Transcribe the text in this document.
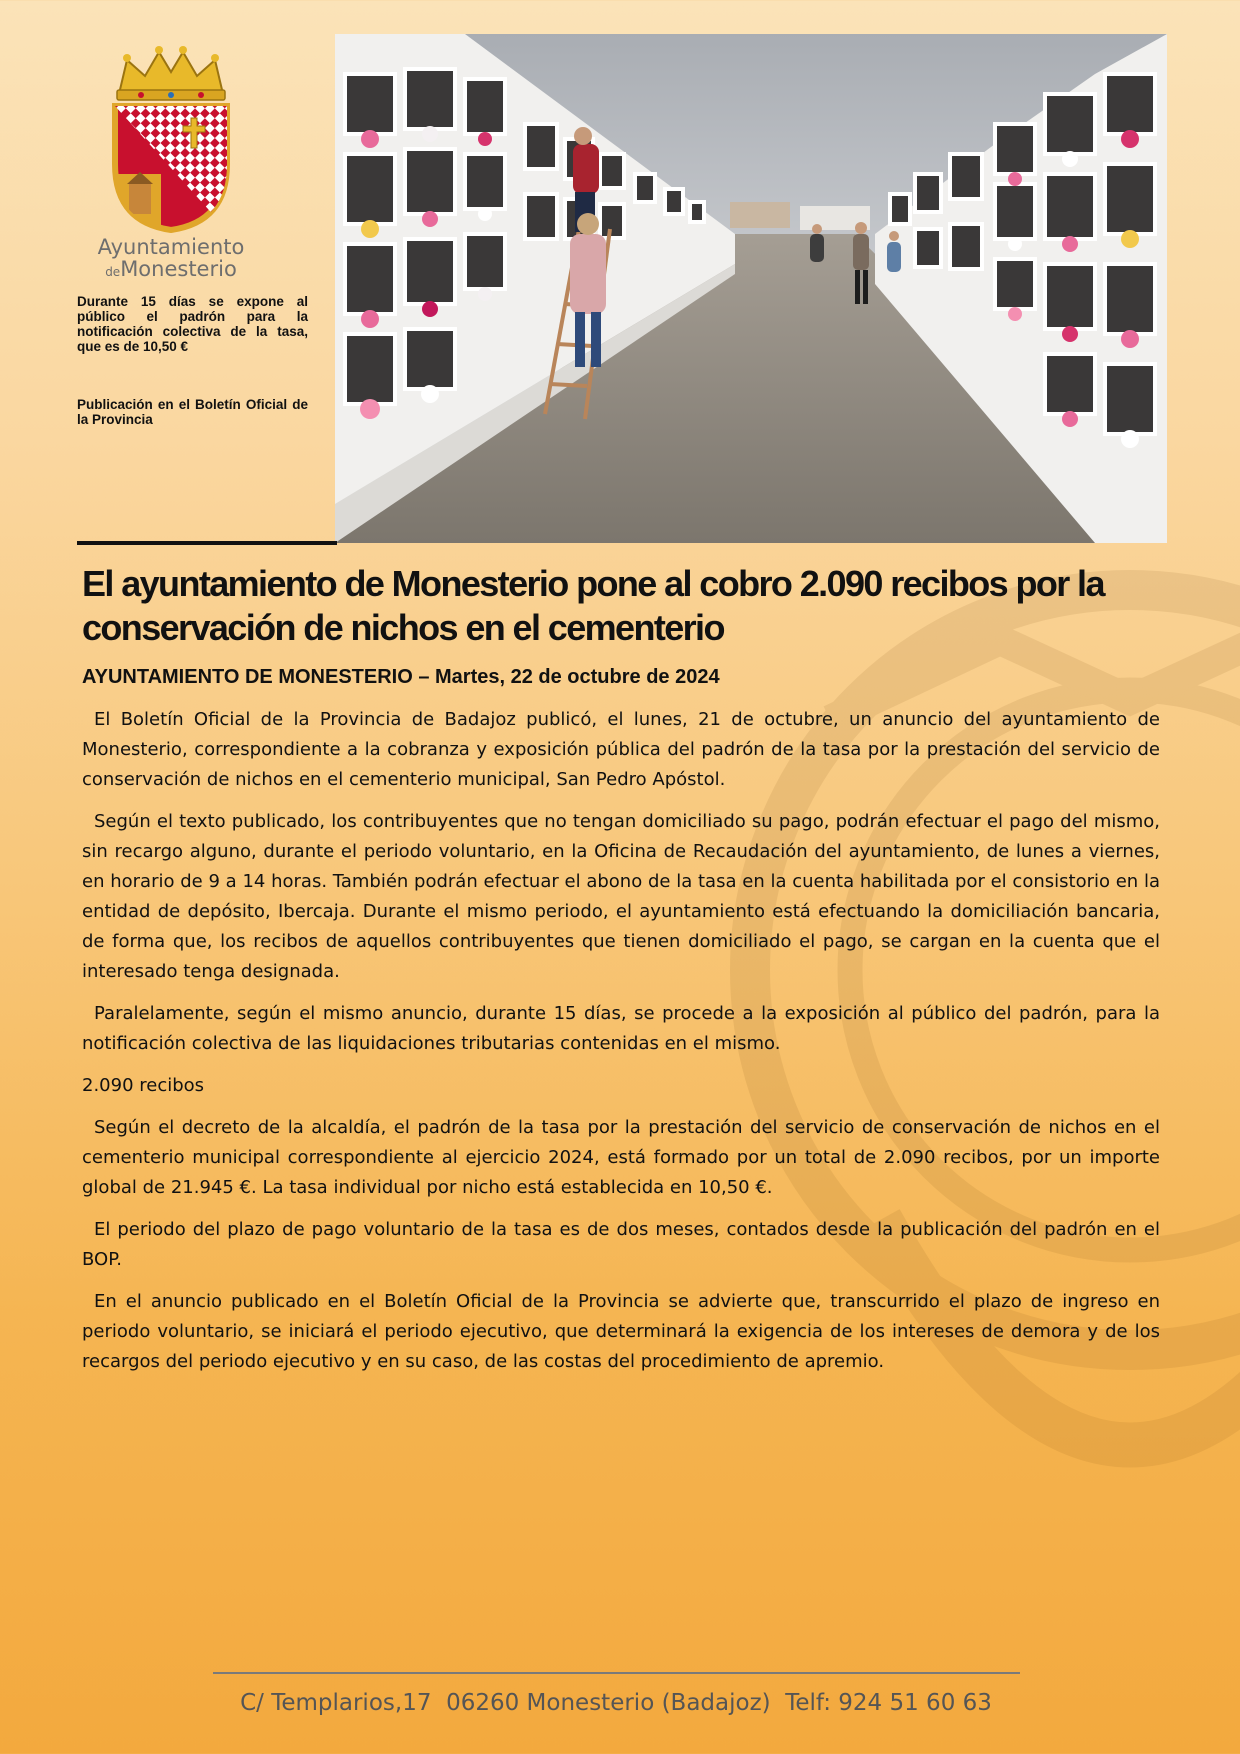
Ayuntamiento
deMonesterio
Durante 15 días se expone al público el padrón para la notificación colectiva de la tasa, que es de 10,50 €
Publicación en el Boletín Oficial de la Provincia
El ayuntamiento de Monesterio pone al cobro 2.090 recibos por la conservación de nichos en el cementerio
AYUNTAMIENTO DE MONESTERIO – Martes, 22 de octubre de 2024

El Boletín Oficial de la Provincia de Badajoz publicó, el lunes, 21 de octubre, un anuncio del ayuntamiento de Monesterio, correspondiente a la cobranza y exposición pública del padrón de la tasa por la prestación del servicio de conservación de nichos en el cementerio municipal, San Pedro Apóstol.

Según el texto publicado, los contribuyentes que no tengan domiciliado su pago, podrán efectuar el pago del mismo, sin recargo alguno, durante el periodo voluntario, en la Oficina de Recaudación del ayuntamiento, de lunes a viernes, en horario de 9 a 14 horas. También podrán efectuar el abono de la tasa en la cuenta habilitada por el consistorio en la entidad de depósito, Ibercaja. Durante el mismo periodo, el ayuntamiento está efectuando la domiciliación bancaria, de forma que, los recibos de aquellos contribuyentes que tienen domiciliado el pago, se cargan en la cuenta que el interesado tenga designada.

Paralelamente, según el mismo anuncio, durante 15 días, se procede a la exposición al público del padrón, para la notificación colectiva de las liquidaciones tributarias contenidas en el mismo.

2.090 recibos

Según el decreto de la alcaldía, el padrón de la tasa por la prestación del servicio de conservación de nichos en el cementerio municipal correspondiente al ejercicio 2024, está formado por un total de 2.090 recibos, por un importe global de 21.945 €. La tasa individual por nicho está establecida en 10,50 €.

El periodo del plazo de pago voluntario de la tasa es de dos meses, contados desde la publicación del padrón en el BOP.

En el anuncio publicado en el Boletín Oficial de la Provincia se advierte que, transcurrido el plazo de ingreso en periodo voluntario, se iniciará el periodo ejecutivo, que determinará la exigencia de los intereses de demora y de los recargos del periodo ejecutivo y en su caso, de las costas del procedimiento de apremio.

C/ Templarios,17  06260 Monesterio (Badajoz)  Telf: 924 51 60 63
